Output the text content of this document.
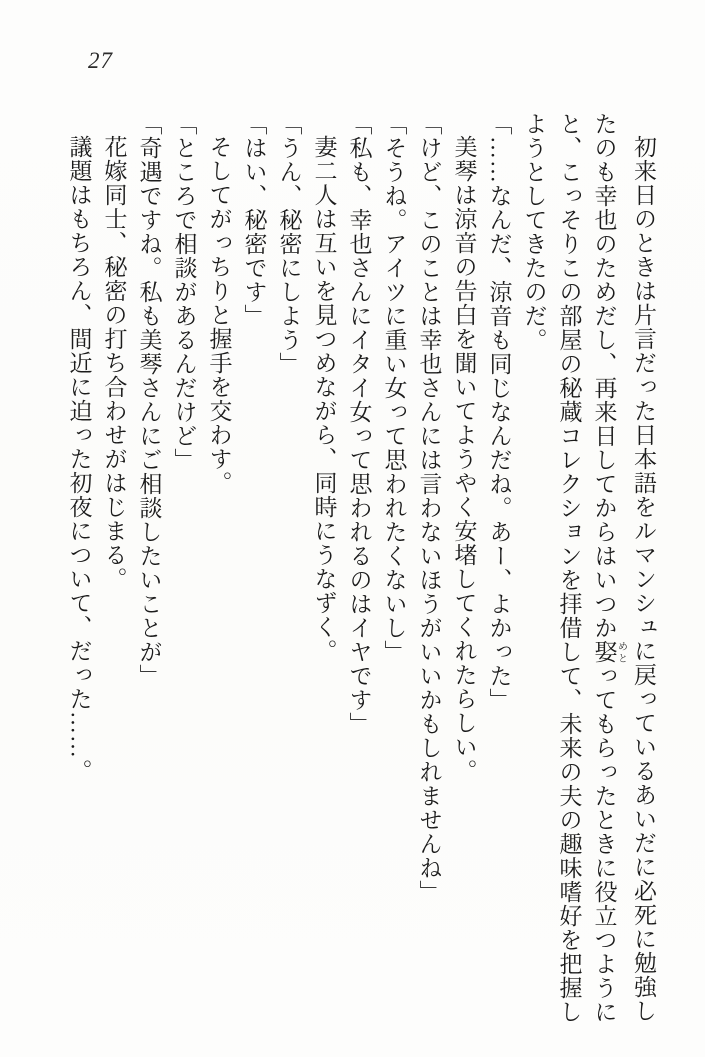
27
初来日のときは片言だった日本語をルマンシュに戻っているあいだに必死に勉強し
たのも幸也のためだし、再来日してからはいつか娶 めとってもらったときに役立つように
と、こっそりこの部屋の秘蔵コレクションを拝借して、未来の夫の趣味嗜好を把握し
ようとしてきたのだ。
「……なんだ、涼音も同じなんだね。あー、よかった」
美琴は涼音の告白を聞いてようやく安堵してくれたらしい。
「けど、このことは幸也さんには言わないほうがいいかもしれませんね」
「そうね。アイツに重い女って思われたくないし」
「私も、幸也さんにイタイ女って思われるのはイヤです」
妻二人は互いを見つめながら、同時にうなずく。
「うん、秘密にしよう」
「はい、秘密です」
そしてがっちりと握手を交わす。
「ところで相談があるんだけど」
「奇遇ですね。私も美琴さんにご相談したいことが」
花嫁同士、秘密の打ち合わせがはじまる。
議題はもちろん、間近に迫った初夜について、だった……。
